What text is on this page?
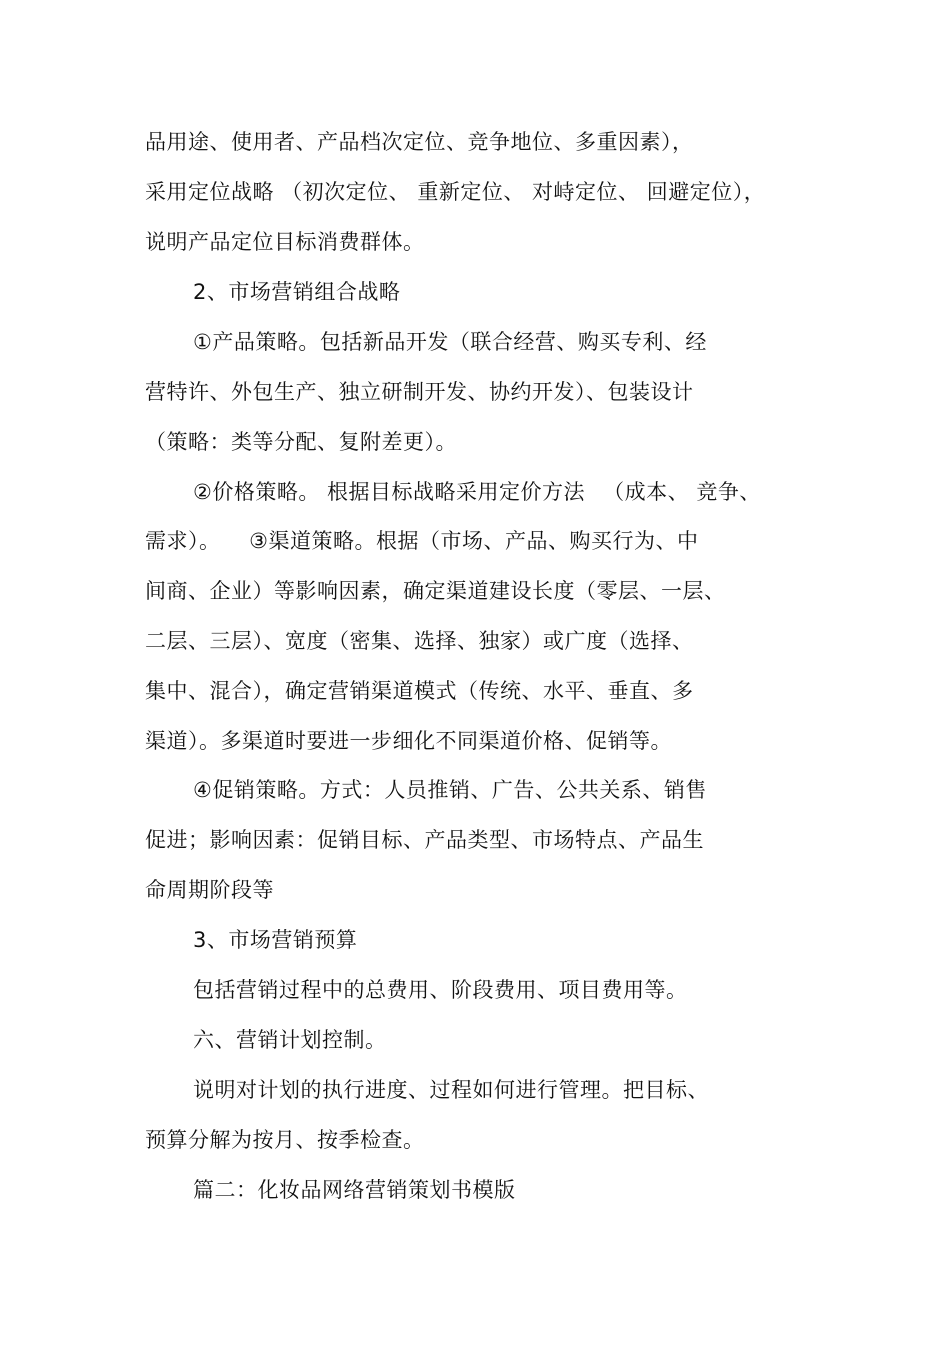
品用途、使用者、产品档次定位、竞争地位、多重因素），
采用定位战略 （初次定位、 重新定位、 对峙定位、 回避定位），
说明产品定位目标消费群体。
2、市场营销组合战略
①产品策略。包括新品开发（联合经营、购买专利、经
营特许、外包生产、独立研制开发、协约开发）、包装设计
（策略：类等分配、复附差更）。
②价格策略。 根据目标战略采用定价方法 　（成本、 竞争、
需求）。 　③渠道策略。根据（市场、产品、购买行为、中
间商、企业）等影响因素，确定渠道建设长度（零层、一层、
二层、三层）、宽度（密集、选择、独家）或广度（选择、
集中、混合），确定营销渠道模式（传统、水平、垂直、多
渠道）。多渠道时要进一步细化不同渠道价格、促销等。
④促销策略。方式：人员推销、广告、公共关系、销售
促进；影响因素：促销目标、产品类型、市场特点、产品生
命周期阶段等
3、市场营销预算
包括营销过程中的总费用、阶段费用、项目费用等。
六、营销计划控制。
说明对计划的执行进度、过程如何进行管理。把目标、
预算分解为按月、按季检查。
篇二：化妆品网络营销策划书模版
